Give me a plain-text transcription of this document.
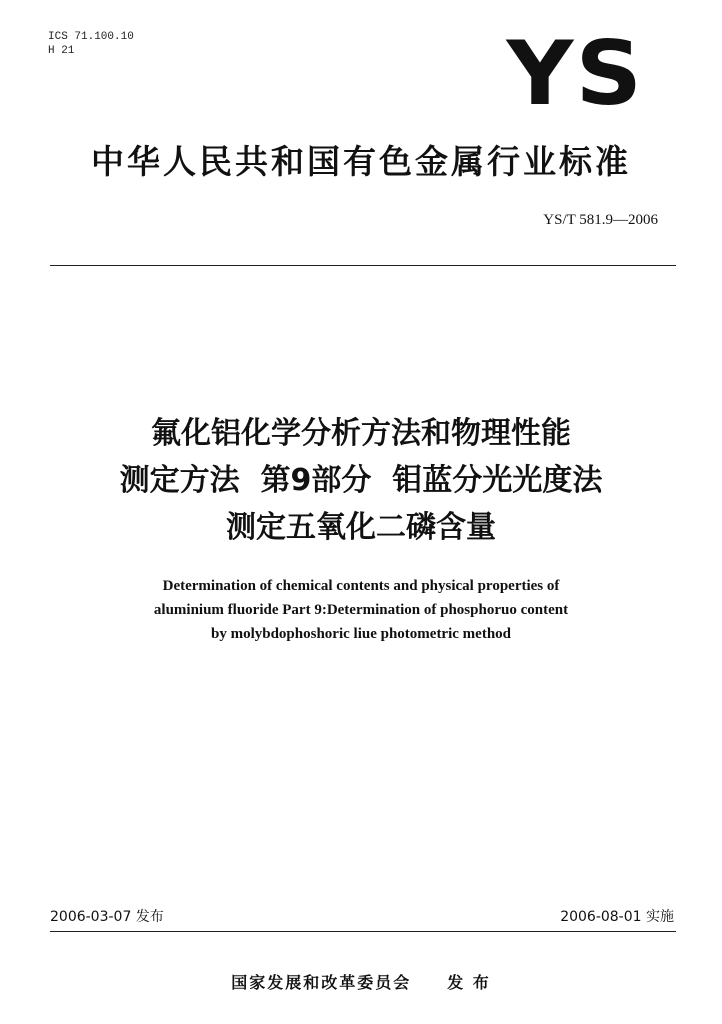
ICS 71.100.10
H 21	YS
中华人民共和国有色金属行业标准
YS/T 581.9—2006
氟化铝化学分析方法和物理性能
测定方法  第9部分  钼蓝分光光度法
测定五氧化二磷含量
Determination of chemical contents and physical properties of
aluminium fluoride Part 9:Determination of phosphoruo content
by molybdophoshoric liue photometric method
2006-03-07 发布	2006-08-01 实施
国家发展和改革委员会 发 布
